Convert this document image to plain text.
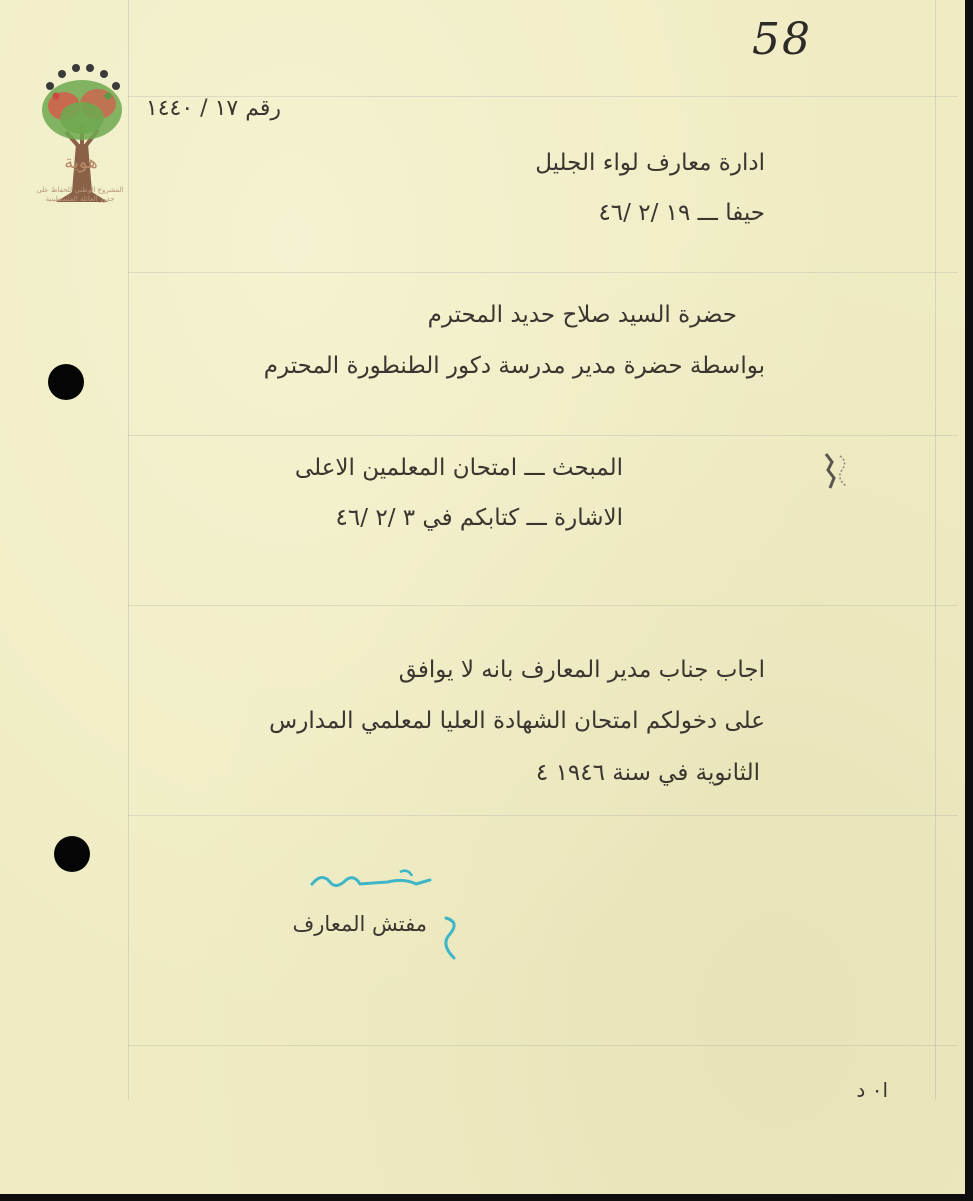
58
هوية
المشروع الوطني للحفاظ على جذور العائلة الفلسطينية
رقم ١٧ / ١٤٤٠
ادارة معارف لواء الجليل
حيفا ـــ ١٩ /٢ /٤٦
حضرة السيد صلاح حديد المحترم
بواسطة حضرة مدير مدرسة دكور الطنطورة المحترم
المبحث ـــ امتحان المعلمين الاعلى
الاشارة ـــ كتابكم في ٣ /٢ /٤٦
اجاب جناب مدير المعارف بانه لا يوافق
على دخولكم امتحان الشهادة العليا لمعلمي المدارس
الثانوية في سنة ١٩٤٦ ٤
مفتش المعارف
ا٠ د
